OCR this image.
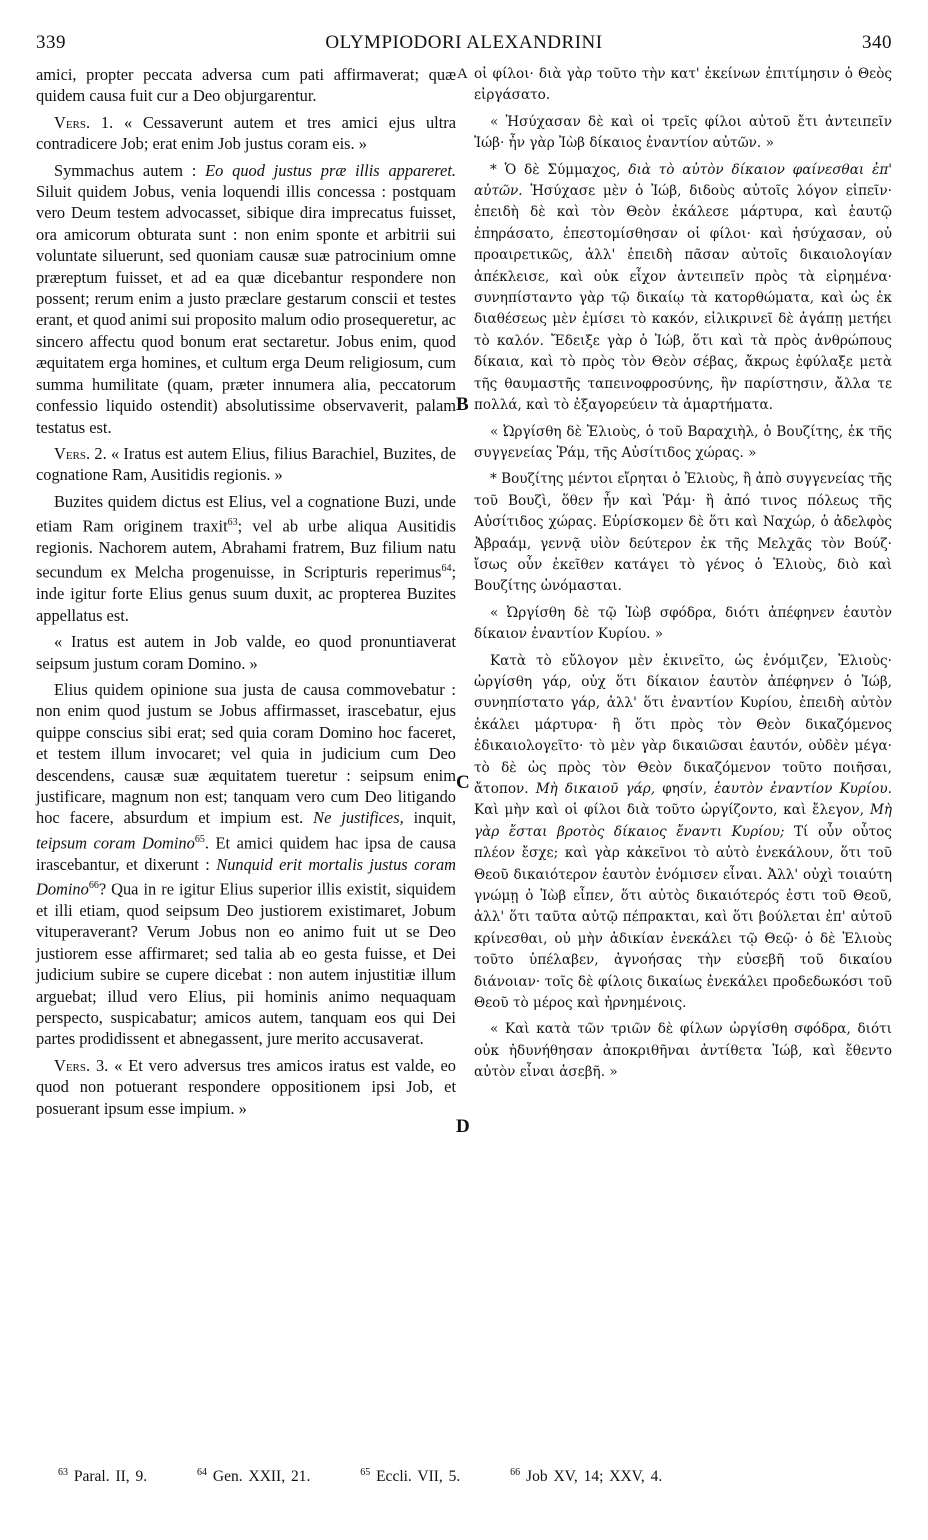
339	OLYMPIODORI ALEXANDRINI	340

amici, propter peccata adversa cum pati affirmaverat; quæ quidem causa fuit cur a Deo objurgarentur.

Vers. 1. « Cessaverunt autem et tres amici ejus ultra contradicere Job; erat enim Job justus coram eis. »

Symmachus autem : Eo quod justus præ illis appareret. Siluit quidem Jobus, venia loquendi illis concessa : postquam vero Deum testem advocasset, sibique dira imprecatus fuisset, ora amicorum obturata sunt : non enim sponte et arbitrii sui voluntate siluerunt, sed quoniam causæ suæ patrocinium omne præreptum fuisset, et ad ea quæ dicebantur respondere non possent; rerum enim a justo præclare gestarum conscii et testes erant, et quod animi sui proposito malum odio prosequeretur, ac sincero affectu quod bonum erat sectaretur. Jobus enim, quod æquitatem erga homines, et cultum erga Deum religiosum, cum summa humilitate (quam, præter innumera alia, peccatorum confessio liquido ostendit) absolutissime observaverit, palam testatus est.

Vers. 2. « Iratus est autem Elius, filius Barachiel, Buzites, de cognatione Ram, Ausitidis regionis. »

Buzites quidem dictus est Elius, vel a cognatione Buzi, unde etiam Ram originem traxit$^{63}$; vel ab urbe aliqua Ausitidis regionis. Nachorem autem, Abrahami fratrem, Buz filium natu secundum ex Melcha progenuisse, in Scripturis reperimus$^{64}$; inde igitur forte Elius genus suum duxit, ac propterea Buzites appellatus est.

« Iratus est autem in Job valde, eo quod pronuntiaverat seipsum justum coram Domino. »

Elius quidem opinione sua justa de causa commovebatur : non enim quod justum se Jobus affirmasset, irascebatur, ejus quippe conscius sibi erat; sed quia coram Domino hoc faceret, et testem illum invocaret; vel quia in judicium cum Deo descendens, causæ suæ æquitatem tueretur : seipsum enim justificare, magnum non est; tanquam vero cum Deo litigando hoc facere, absurdum et impium est. Ne justifices, inquit, teipsum coram Domino$^{65}$. Et amici quidem hac ipsa de causa irascebantur, et dixerunt : Nunquid erit mortalis justus coram Domino$^{66}$? Qua in re igitur Elius superior illis existit, siquidem et illi etiam, quod seipsum Deo justiorem existimaret, Jobum vituperaverant? Verum Jobus non eo animo fuit ut se Deo justiorem esse affirmaret; sed talia ab eo gesta fuisse, et Dei judicium subire se cupere dicebat : non autem injustitiæ illum arguebat; illud vero Elius, pii hominis animo nequaquam perspecto, suspicabatur; amicos autem, tanquam eos qui Dei partes prodidissent et abnegassent, jure merito accusaverat.

Vers. 3. « Et vero adversus tres amicos iratus est valde, eo quod non potuerant respondere oppositionem ipsi Job, et posuerant ipsum esse impium. »

A
B
C
D

οἱ φίλοι· διὰ γὰρ τοῦτο τὴν κατ' ἐκείνων ἐπιτίμησιν ὁ Θεὸς εἰργάσατο.

« Ἡσύχασαν δὲ καὶ οἱ τρεῖς φίλοι αὐτοῦ ἔτι ἀντειπεῖν Ἰώβ· ἦν γὰρ Ἰὼβ δίκαιος ἐναντίον αὐτῶν. »

* Ὁ δὲ Σύμμαχος, διὰ τὸ αὐτὸν δίκαιον φαίνεσθαι ἐπ' αὐτῶν. Ἡσύχασε μὲν ὁ Ἰώβ, διδοὺς αὐτοῖς λόγον εἰπεῖν· ἐπειδὴ δὲ καὶ τὸν Θεὸν ἐκάλεσε μάρτυρα, καὶ ἑαυτῷ ἐπηράσατο, ἐπεστομίσθησαν οἱ φίλοι· καὶ ἡσύχασαν, οὐ προαιρετικῶς, ἀλλ' ἐπειδὴ πᾶσαν αὐτοῖς δικαιολογίαν ἀπέκλεισε, καὶ οὐκ εἶχον ἀντειπεῖν πρὸς τὰ εἰρημένα· συνηπίσταντο γὰρ τῷ δικαίῳ τὰ κατορθώματα, καὶ ὡς ἐκ διαθέσεως μὲν ἐμίσει τὸ κακόν, εἰλικρινεῖ δὲ ἀγάπῃ μετήει τὸ καλόν. Ἔδειξε γὰρ ὁ Ἰώβ, ὅτι καὶ τὰ πρὸς ἀνθρώπους δίκαια, καὶ τὸ πρὸς τὸν Θεὸν σέβας, ἄκρως ἐφύλαξε μετὰ τῆς θαυμαστῆς ταπεινοφροσύνης, ἣν παρίστησιν, ἄλλα τε πολλά, καὶ τὸ ἐξαγορεύειν τὰ ἁμαρτήματα.

« Ὠργίσθη δὲ Ἐλιοὺς, ὁ τοῦ Βαραχιὴλ, ὁ Βουζίτης, ἐκ τῆς συγγενείας Ῥάμ, τῆς Αὐσίτιδος χώρας. »

* Βουζίτης μέντοι εἴρηται ὁ Ἐλιοὺς, ἢ ἀπὸ συγγενείας τῆς τοῦ Βουζὶ, ὅθεν ἦν καὶ Ῥάμ· ἢ ἀπό τινος πόλεως τῆς Αὐσίτιδος χώρας. Εὑρίσκομεν δὲ ὅτι καὶ Ναχώρ, ὁ ἀδελφὸς Ἀβραάμ, γεννᾷ υἱὸν δεύτερον ἐκ τῆς Μελχᾶς τὸν Βούζ· ἴσως οὖν ἐκεῖθεν κατάγει τὸ γένος ὁ Ἐλιοὺς, διὸ καὶ Βουζίτης ὠνόμασται.

« Ὠργίσθη δὲ τῷ Ἰὼβ σφόδρα, διότι ἀπέφηνεν ἑαυτὸν δίκαιον ἐναντίον Κυρίου. »

Κατὰ τὸ εὔλογον μὲν ἐκινεῖτο, ὡς ἐνόμιζεν, Ἐλιοὺς· ὠργίσθη γάρ, οὐχ ὅτι δίκαιον ἑαυτὸν ἀπέφηνεν ὁ Ἰώβ, συνηπίστατο γάρ, ἀλλ' ὅτι ἐναντίον Κυρίου, ἐπειδὴ αὐτὸν ἐκάλει μάρτυρα· ἢ ὅτι πρὸς τὸν Θεὸν δικαζόμενος ἐδικαιολογεῖτο· τὸ μὲν γὰρ δικαιῶσαι ἑαυτόν, οὐδὲν μέγα· τὸ δὲ ὡς πρὸς τὸν Θεὸν δικαζόμενον τοῦτο ποιῆσαι, ἄτοπον. Μὴ δικαιοῦ γάρ, φησίν, ἑαυτὸν ἐναντίον Κυρίου. Καὶ μὴν καὶ οἱ φίλοι διὰ τοῦτο ὠργίζοντο, καὶ ἔλεγον, Μὴ γὰρ ἔσται βροτὸς δίκαιος ἔναντι Κυρίου; Τί οὖν οὗτος πλέον ἔσχε; καὶ γὰρ κἀκεῖνοι τὸ αὐτὸ ἐνεκάλουν, ὅτι τοῦ Θεοῦ δικαιότερον ἑαυτὸν ἐνόμισεν εἶναι. Ἀλλ' οὐχὶ τοιαύτη γνώμῃ ὁ Ἰὼβ εἶπεν, ὅτι αὐτὸς δικαιότερός ἐστι τοῦ Θεοῦ, ἀλλ' ὅτι ταῦτα αὐτῷ πέπρακται, καὶ ὅτι βούλεται ἐπ' αὐτοῦ κρίνεσθαι, οὐ μὴν ἀδικίαν ἐνεκάλει τῷ Θεῷ· ὁ δὲ Ἐλιοὺς τοῦτο ὑπέλαβεν, ἀγνοήσας τὴν εὐσεβῆ τοῦ δικαίου διάνοιαν· τοῖς δὲ φίλοις δικαίως ἐνεκάλει προδεδωκόσι τοῦ Θεοῦ τὸ μέρος καὶ ἠρνημένοις.

« Καὶ κατὰ τῶν τριῶν δὲ φίλων ὠργίσθη σφόδρα, διότι οὐκ ἠδυνήθησαν ἀποκριθῆναι ἀντίθετα Ἰώβ, καὶ ἔθεντο αὐτὸν εἶναι ἀσεβῆ. »

$^{63}$ Paral. II, 9.	$^{64}$ Gen. XXII, 21.	$^{65}$ Eccli. VII, 5.	$^{66}$ Job XV, 14; XXV, 4.
